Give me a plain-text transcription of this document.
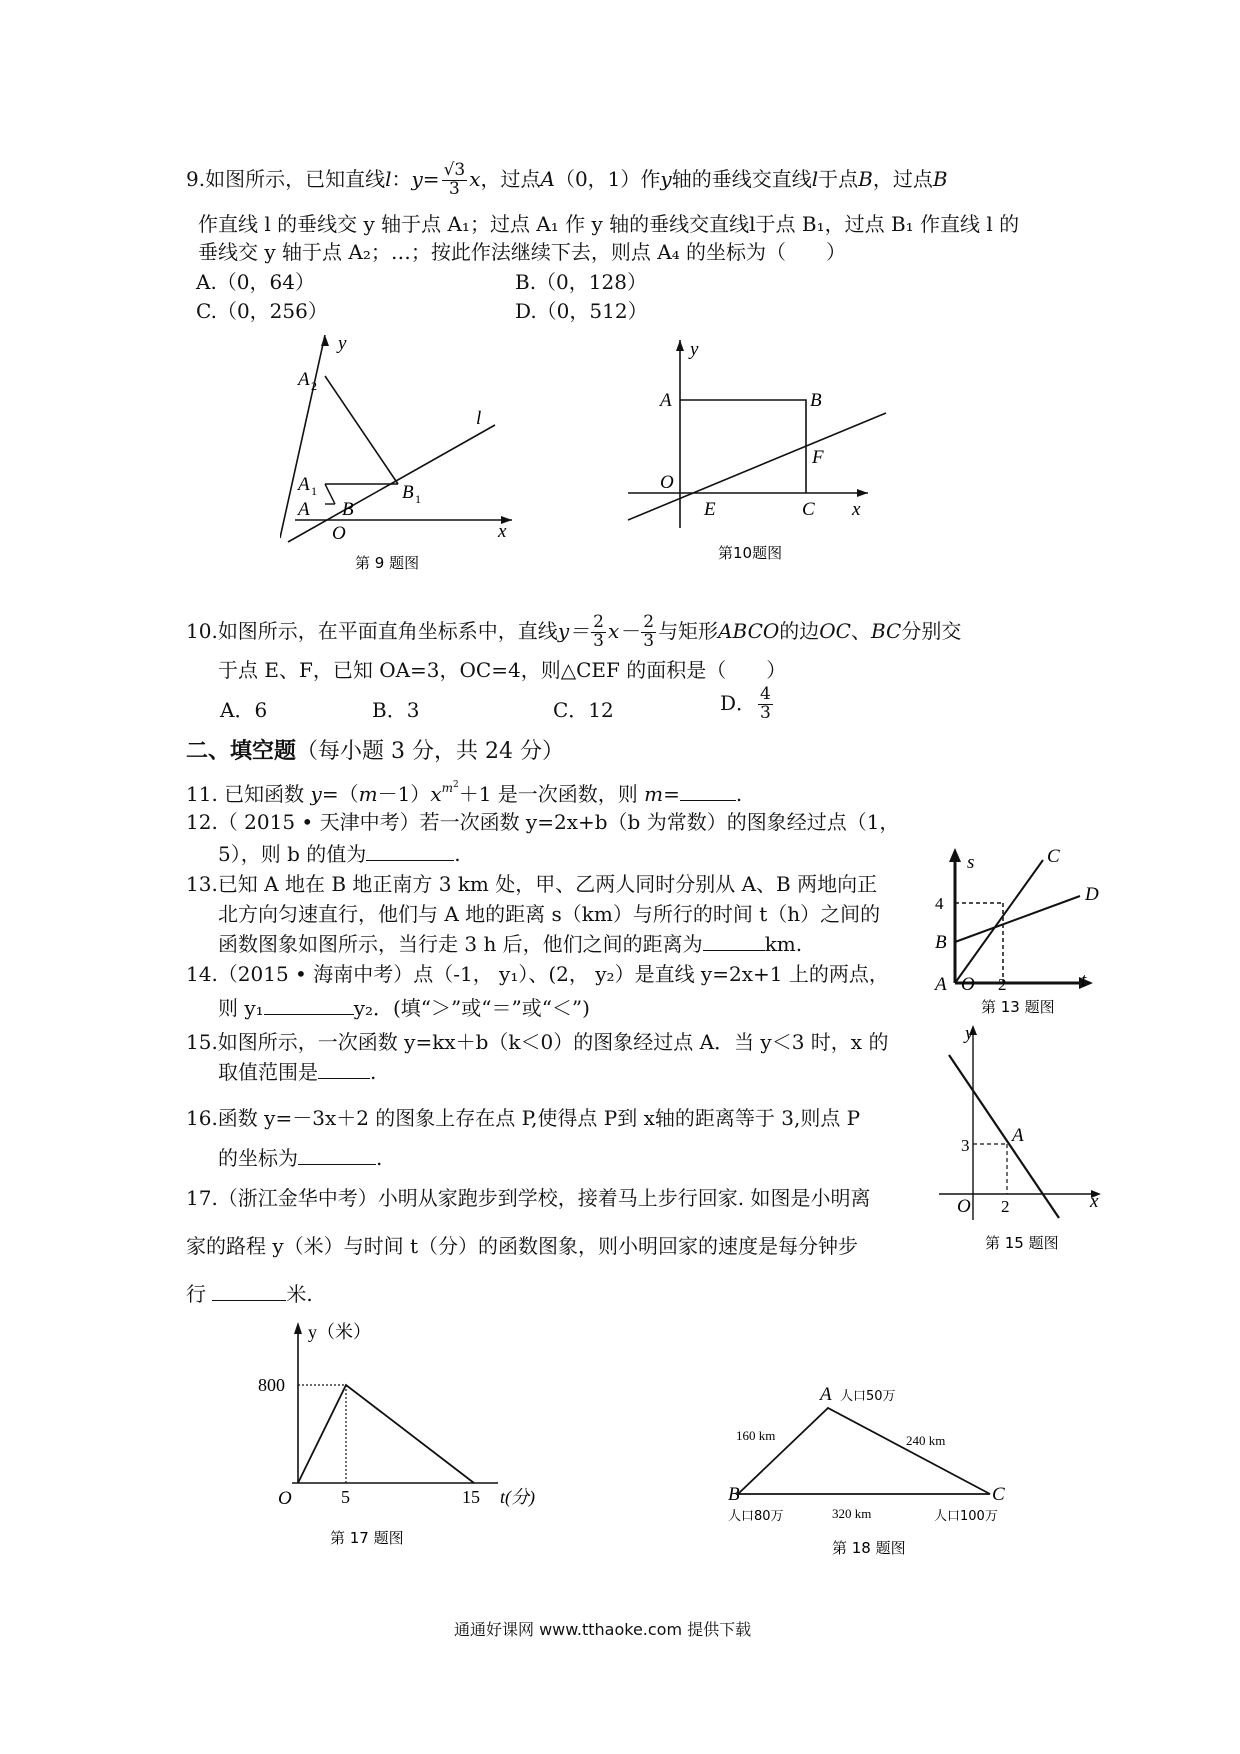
9.如图所示，已知直线l：$y= \frac{√3}{3}$ x，过点A（0，1）作y轴的垂线交直线l于点B，过点B
作直线 l 的垂线交 y 轴于点 A₁；过点 A₁ 作 y 轴的垂线交直线l于点 B₁，过点 B₁ 作直线 l 的
垂线交 y 轴于点 A₂；…；按此作法继续下去，则点 A₄ 的坐标为（　　）
A.（0，64）	B.（0，128）
C.（0，256）	D.（0，512）
y
x
O
A
A 1
A 2
B
B 1
l
第 9 题图
y
x
O
A	B
C
E
F
第10题图
10.如图所示，在平面直角坐标系中，直线$y= \frac{2}{3} x- \frac{2}{3}$ 与矩形ABCO的边OC、BC分别交
于点 E、F，已知 OA=3，OC=4，则△CEF 的面积是（　　）
A．6	B．3	C．12	D． $\frac{4}{3}$
二、填空题（每小题 3 分，共 24 分）
11. 已知函数 $y=(m-1)x^{m^2}+1$ 是一次函数，则 m=	.
12.（ 2015 • 天津中考）若一次函数 y=2x+b（b 为常数）的图象经过点（1，
5），则 b 的值为	.
13.已知 A 地在 B 地正南方 3 km 处，甲、乙两人同时分别从 A、B 两地向正
北方向匀速直行，他们与 A 地的距离 s（km）与所行的时间 t（h）之间的
函数图象如图所示，当行走 3 h 后，他们之间的距离为	km.
s
t
C
D
4
B
A O 2
第 13 题图
14.（2015 • 海南中考）点（-1， y₁）、(2， y₂）是直线 y=2x+1 上的两点，
则 y₁	y₂．(填“＞”或“＝”或“＜”)
15.如图所示，一次函数 y=kx＋b（k＜0）的图象经过点 A．当 y＜3 时，x 的
取值范围是	.
y
x
3 A
O 2
第 15 题图
16.函数 y=－3x＋2 的图象上存在点 P,使得点 P到 x轴的距离等于 3,则点 P
的坐标为	.
17.（浙江金华中考）小明从家跑步到学校，接着马上步行回家. 如图是小明离
家的路程 y（米）与时间 t（分）的函数图象，则小明回家的速度是每分钟步
行	米.
y（米）
800
O	5	15 t(分)
第 17 题图
A
B	C
人口50万
人口80万	人口100万
160 km	240 km
320 km
第 18 题图
通通好课网 www.tthaoke.com 提供下载
